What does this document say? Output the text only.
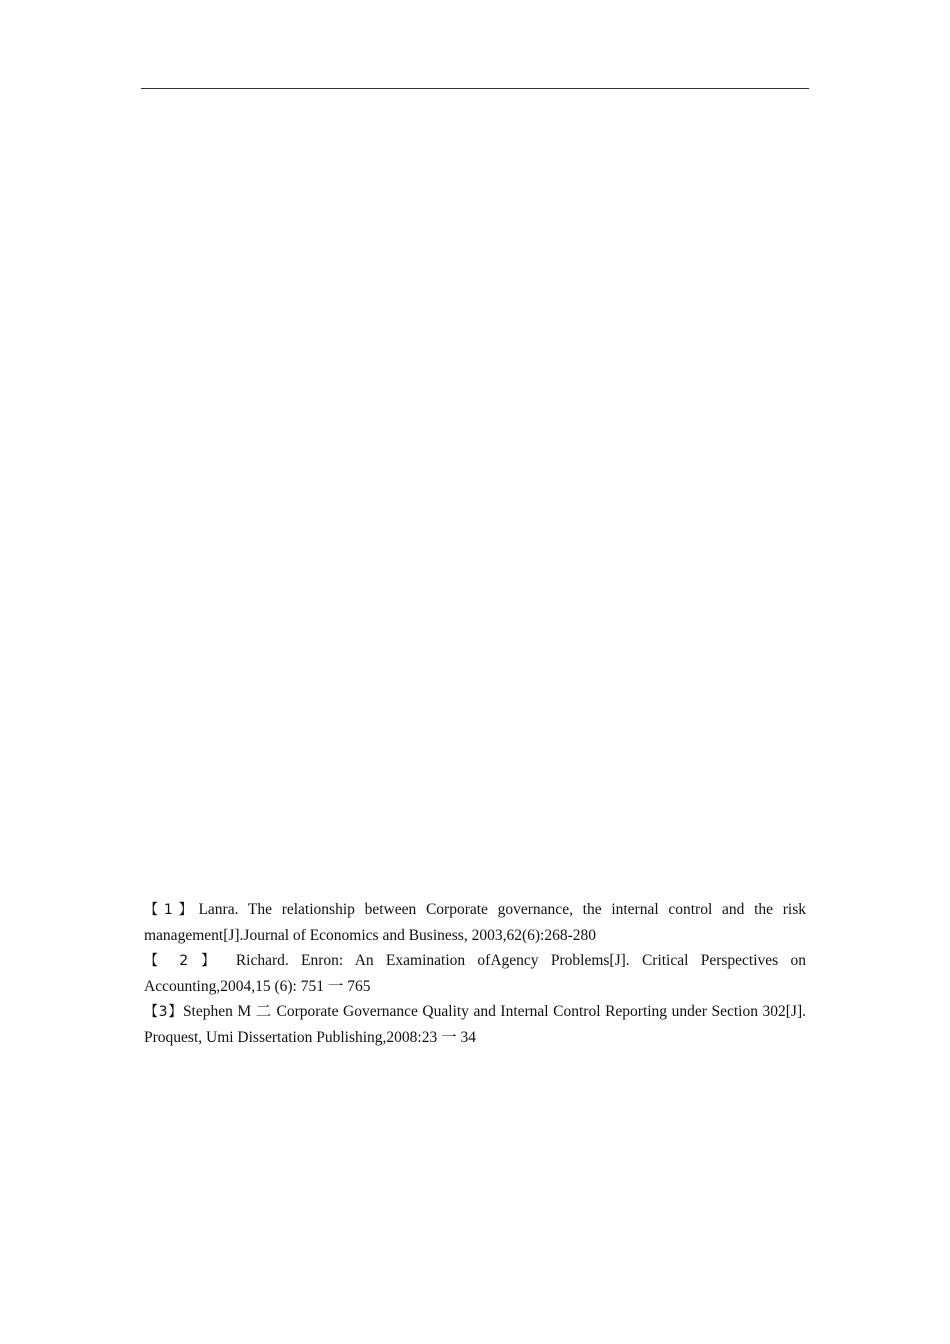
【1】Lanra. The relationship between Corporate governance, the internal control and the risk management[J].Journal of Economics and Business, 2003,62(6):268-280

【 2 】 Richard. Enron: An Examination ofAgency Problems[J]. Critical Perspectives on Accounting,2004,15 (6): 751 一 765

【3】Stephen M 二 Corporate Governance Quality and Internal Control Reporting under Section 302[J]. Proquest, Umi Dissertation Publishing,2008:23 一 34
